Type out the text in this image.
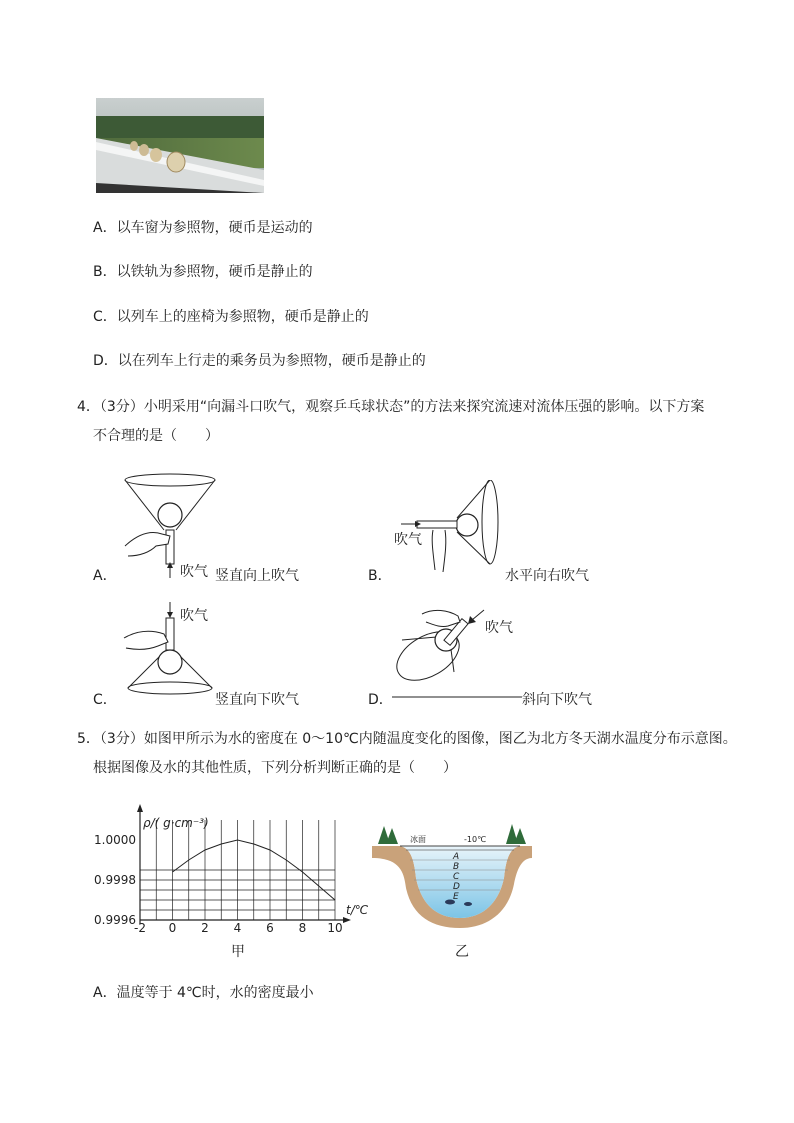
A．以车窗为参照物，硬币是运动的
B．以铁轨为参照物，硬币是静止的
C．以列车上的座椅为参照物，硬币是静止的
D．以在列车上行走的乘务员为参照物，硬币是静止的
4．（3分）小明采用“向漏斗口吹气，观察乒乓球状态”的方法来探究流速对流体压强的影响。以下方案
不合理的是（　　）
A．	吹气 竖直向上吹气	B．
吹气
水平向右吹气
C．
吹气
竖直向下吹气	D．
吹气
斜向下吹气
5．（3分）如图甲所示为水的密度在 0～10℃内随温度变化的图像，图乙为北方冬天湖水温度分布示意图。
根据图像及水的其他性质，下列分析判断正确的是（　　）
ρ/( g·cm⁻³)
t/℃
-2 0 2 4 6 8 10
1.0000
0.9998
0.9996
甲
冰面	-10℃
A
B
C
D
E
乙
A．温度等于 4℃时，水的密度最小
